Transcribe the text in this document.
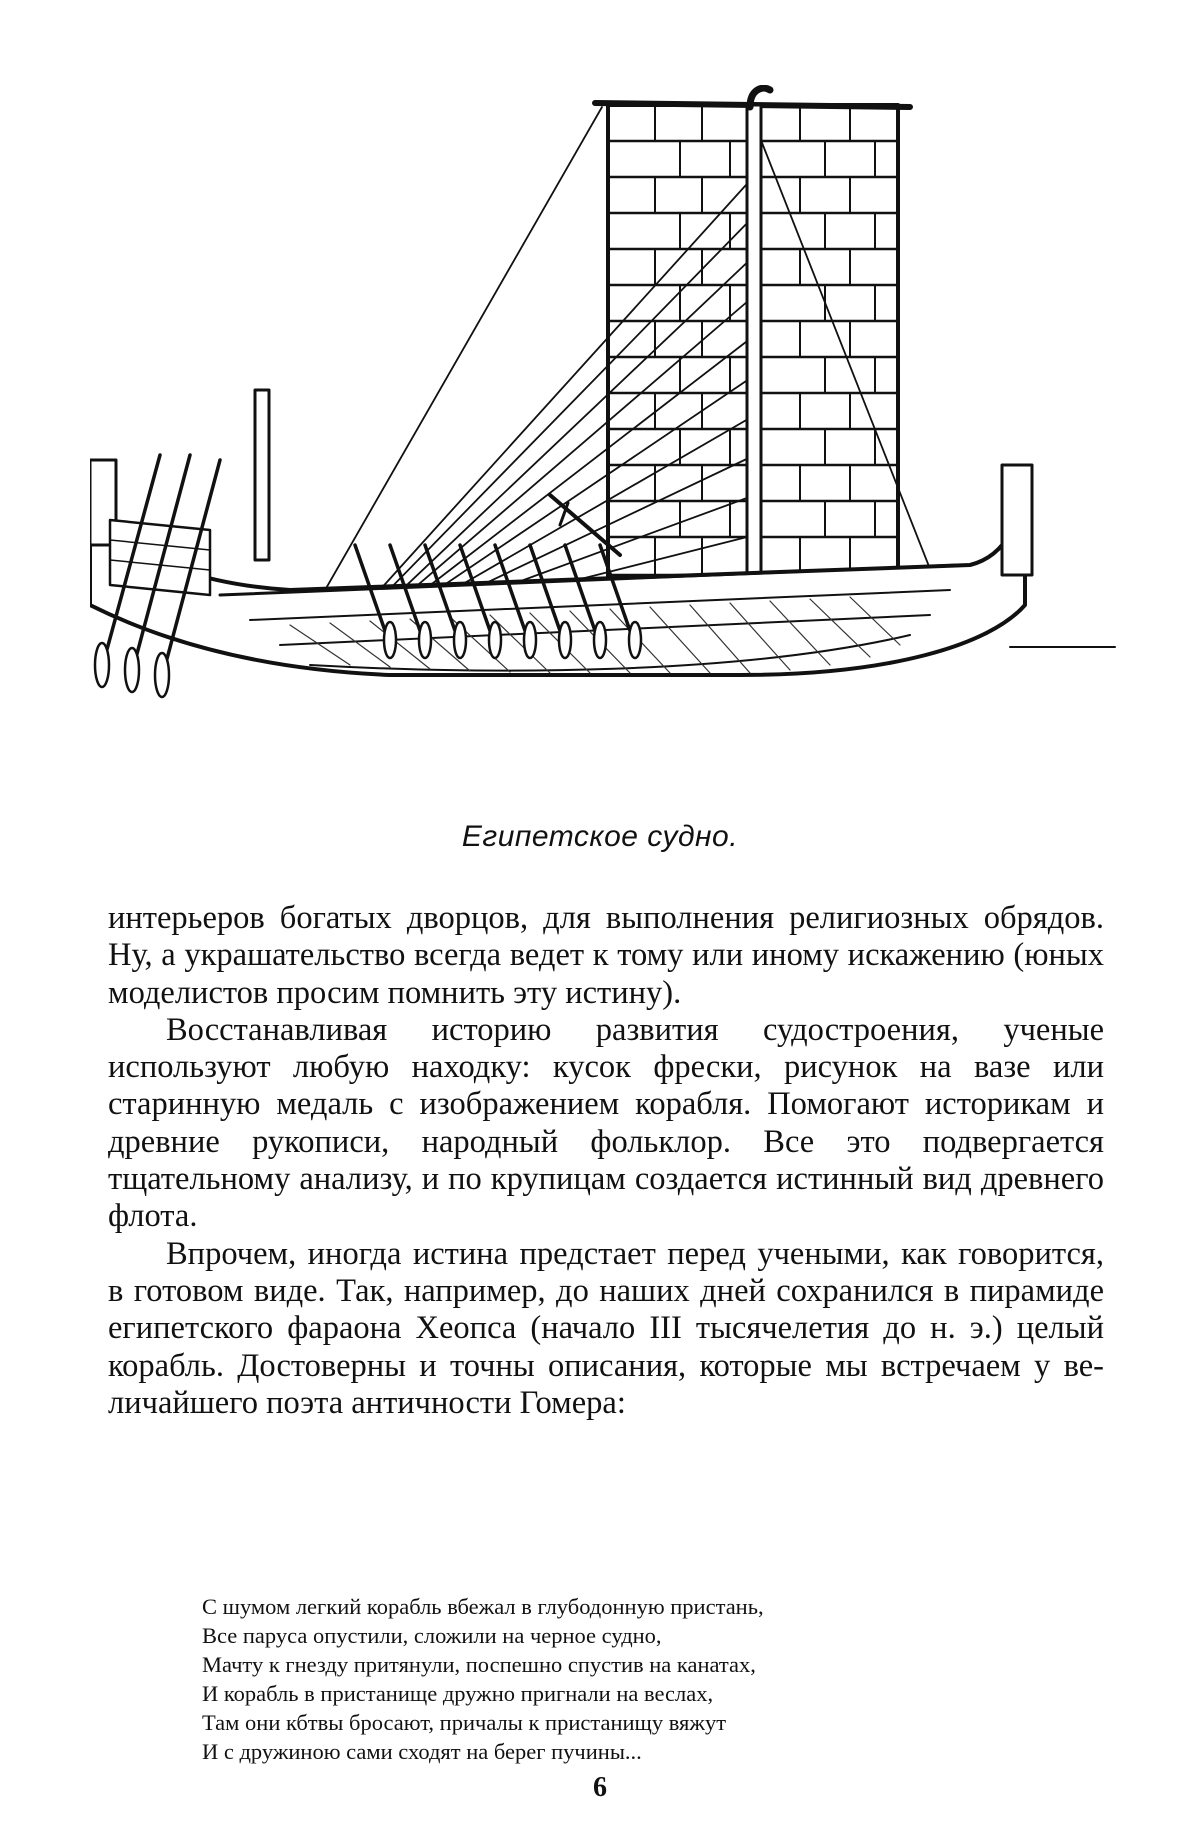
Египетское судно.

интерьеров богатых дворцов, для выполнения религиозных обрядов. Ну, а украшательство всегда ведет к тому или иному искажению (юных моделистов просим помнить эту истину).

Восстанавливая историю развития судостроения, ученые используют любую находку: кусок фрески, рисунок на вазе или старинную медаль с изображением корабля. Помогают историкам и древние рукописи, народный фольклор. Все это подвергается тщательному анализу, и по крупицам создается истинный вид древнего флота.

Впрочем, иногда истина предстает перед учеными, как говорится, в готовом виде. Так, например, до наших дней сохранился в пирамиде египетского фараона Хеопса (начало III тысячелетия до н. э.) целый корабль. Достоверны и точны описания, которые мы встречаем у величайшего поэта античности Гомера:

С шумом легкий корабль вбежал в глубодонную пристань,
Все паруса опустили, сложили на черное судно,
Мачту к гнезду притянули, поспешно спустив на канатах,
И корабль в пристанище дружно пригнали на веслах,
Там они кбтвы бросают, причалы к пристанищу вяжут
И с дружиною сами сходят на берег пучины...
6
